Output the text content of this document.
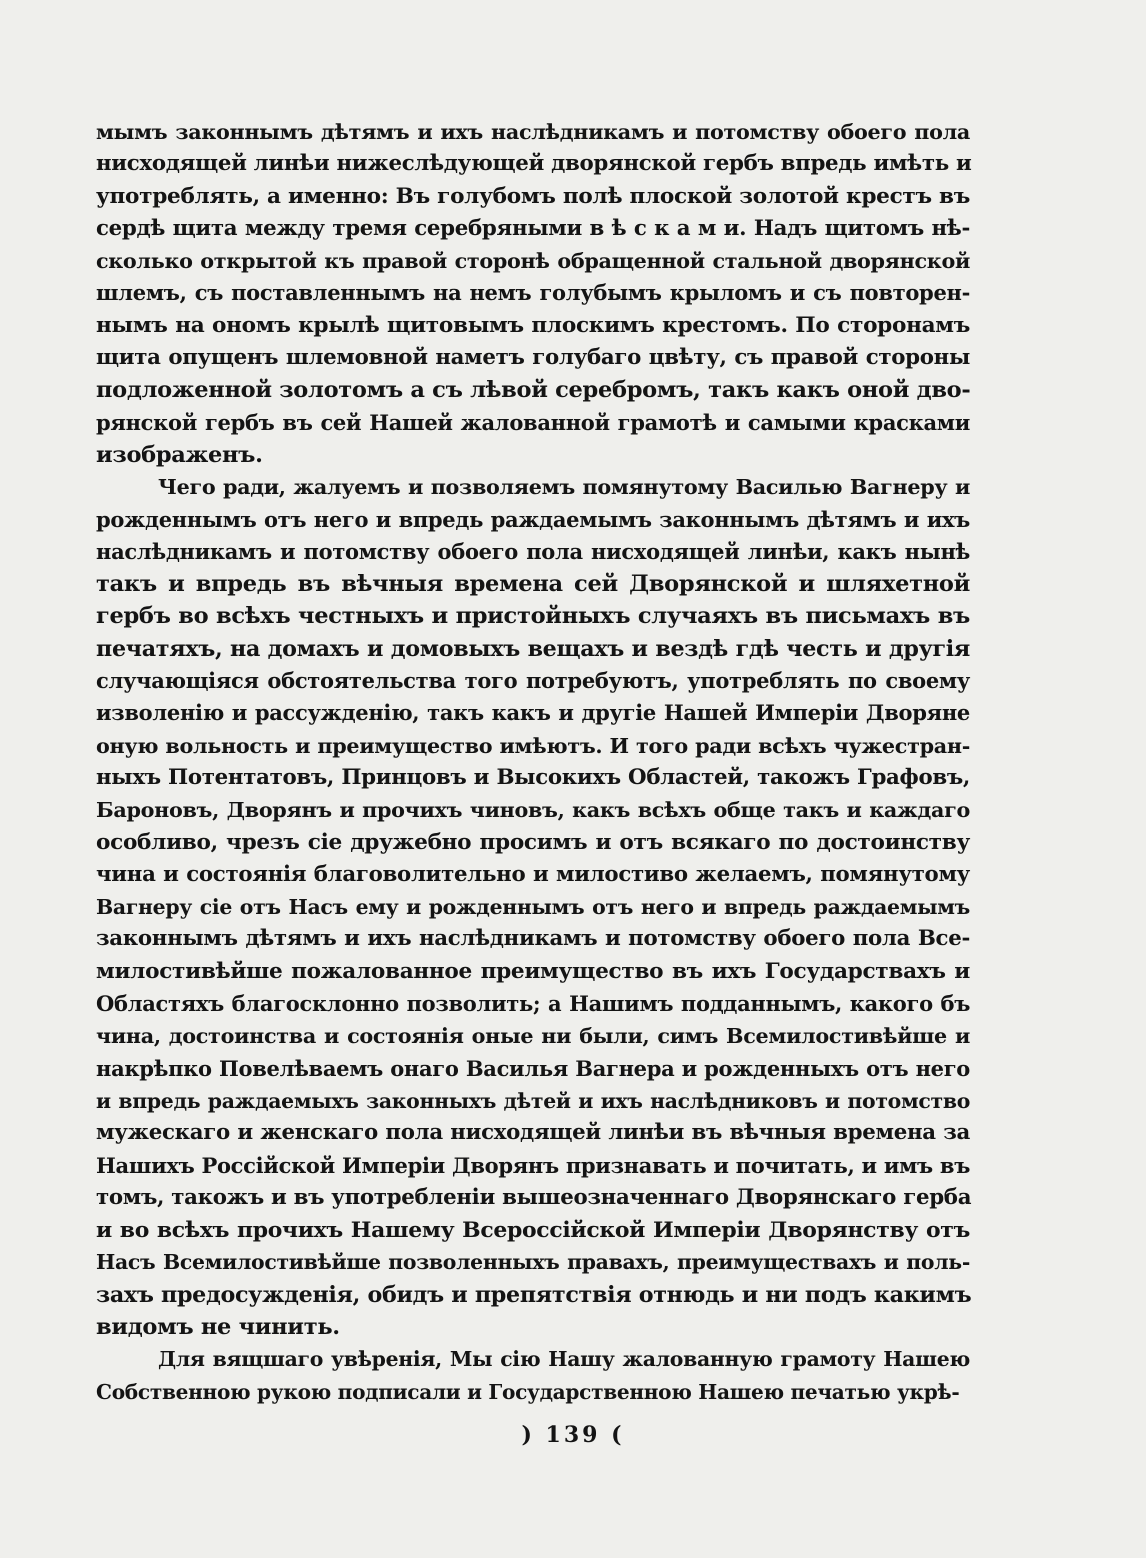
мымъ законнымъ дѣтямъ и ихъ наслѣдникамъ и потомству обоего пола
нисходящей линѣи нижеслѣдующей дворянской гербъ впредь имѣть и
употреблять, а именно: Въ голубомъ полѣ плоской золотой крестъ въ
сердѣ щита между тремя серебряными в ѣ с к а м и. Надъ щитомъ нѣ-
сколько открытой къ правой сторонѣ обращенной стальной дворянской
шлемъ, съ поставленнымъ на немъ голубымъ крыломъ и съ повторен-
нымъ на ономъ крылѣ щитовымъ плоскимъ крестомъ. По сторонамъ
щита опущенъ шлемовной наметъ голубаго цвѣту, съ правой стороны
подложенной золотомъ а съ лѣвой серебромъ, такъ какъ оной дво-
рянской гербъ въ сей Нашей жалованной грамотѣ и самыми красками
изображенъ.
Чего ради, жалуемъ и позволяемъ помянутому Василью Вагнеру и
рожденнымъ отъ него и впредь раждаемымъ законнымъ дѣтямъ и ихъ
наслѣдникамъ и потомству обоего пола нисходящей линѣи, какъ нынѣ
такъ и впредь въ вѣчныя времена сей Дворянской и шляхетной
гербъ во всѣхъ честныхъ и пристойныхъ случаяхъ въ письмахъ въ
печатяхъ, на домахъ и домовыхъ вещахъ и вездѣ гдѣ честь и другія
случающіяся обстоятельства того потребуютъ, употреблять по своему
изволенію и рассужденію, такъ какъ и другіе Нашей Имперіи Дворяне
оную вольность и преимущество имѣютъ. И того ради всѣхъ чужестран-
ныхъ Потентатовъ, Принцовъ и Высокихъ Областей, такожъ Графовъ,
Бароновъ, Дворянъ и прочихъ чиновъ, какъ всѣхъ обще такъ и каждаго
особливо, чрезъ сіе дружебно просимъ и отъ всякаго по достоинству
чина и состоянія благоволительно и милостиво желаемъ, помянутому
Вагнеру сіе отъ Насъ ему и рожденнымъ отъ него и впредь раждаемымъ
законнымъ дѣтямъ и ихъ наслѣдникамъ и потомству обоего пола Все-
милостивѣйше пожалованное преимущество въ ихъ Государствахъ и
Областяхъ благосклонно позволить; а Нашимъ подданнымъ, какого бъ
чина, достоинства и состоянія оные ни были, симъ Всемилостивѣйше и
накрѣпко Повелѣваемъ онаго Василья Вагнера и рожденныхъ отъ него
и впредь раждаемыхъ законныхъ дѣтей и ихъ наслѣдниковъ и потомство
мужескаго и женскаго пола нисходящей линѣи въ вѣчныя времена за
Нашихъ Россійской Имперіи Дворянъ признавать и почитать, и имъ въ
томъ, такожъ и въ употребленіи вышеозначеннаго Дворянскаго герба
и во всѣхъ прочихъ Нашему Всероссійской Имперіи Дворянству отъ
Насъ Всемилостивѣйше позволенныхъ правахъ, преимуществахъ и поль-
захъ предосужденія, обидъ и препятствія отнюдь и ни подъ какимъ
видомъ не чинить.
Для вящшаго увѣренія, Мы сію Нашу жалованную грамоту Нашею
Собственною рукою подписали и Государственною Нашею печатью укрѣ-
) 139 (
